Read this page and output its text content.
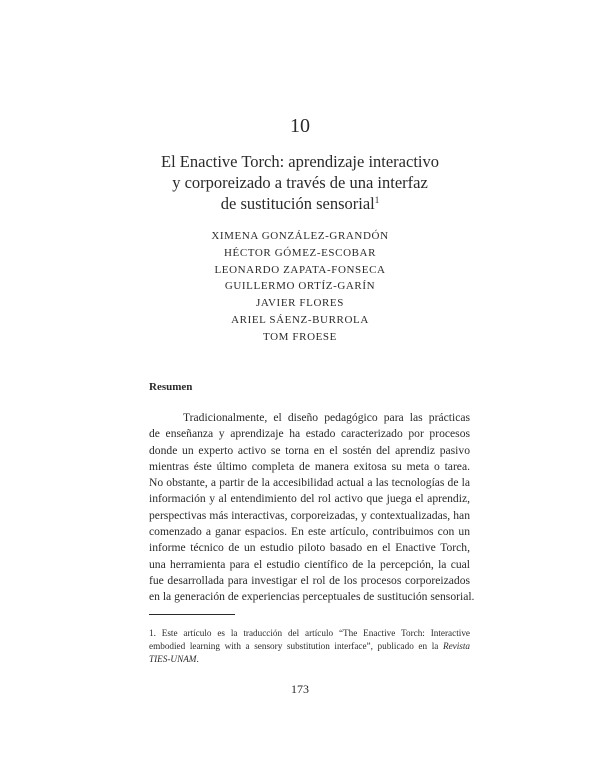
10
El Enactive Torch: aprendizaje interactivo
y corporeizado a través de una interfaz
de sustitución sensorial$^1$
XIMENA GONZÁLEZ-GRANDÓN
HÉCTOR GÓMEZ-ESCOBAR
LEONARDO ZAPATA-FONSECA
GUILLERMO ORTÍZ-GARÍN
JAVIER FLORES
ARIEL SÁENZ-BURROLA
TOM FROESE
Resumen
Tradicionalmente, el diseño pedagógico para las prácticas
de enseñanza y aprendizaje ha estado caracterizado por procesos
donde un experto activo se torna en el sostén del aprendiz pasivo
mientras éste último completa de manera exitosa su meta o tarea.
No obstante, a partir de la accesibilidad actual a las tecnologías de la
información y al entendimiento del rol activo que juega el aprendiz,
perspectivas más interactivas, corporeizadas, y contextualizadas, han
comenzado a ganar espacios. En este artículo, contribuimos con un
informe técnico de un estudio piloto basado en el Enactive Torch,
una herramienta para el estudio científico de la percepción, la cual
fue desarrollada para investigar el rol de los procesos corporeizados
en la generación de experiencias perceptuales de sustitución sensorial.
1. Este artículo es la traducción del artículo “The Enactive Torch: Interactive
embodied learning with a sensory substitution interface”, publicado en la Revista
TIES-UNAM.
173
